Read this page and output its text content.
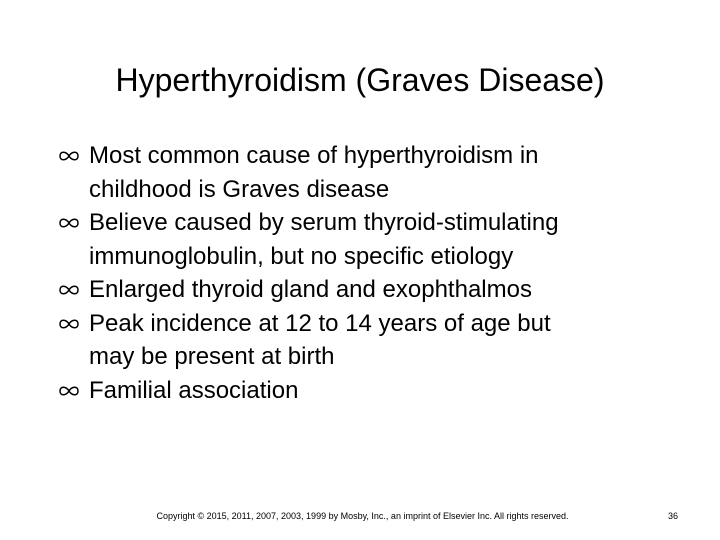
Hyperthyroidism (Graves Disease)
Most common cause of hyperthyroidism in
childhood is Graves disease
Believe caused by serum thyroid-stimulating
immunoglobulin, but no specific etiology
Enlarged thyroid gland and exophthalmos
Peak incidence at 12 to 14 years of age but
may be present at birth
Familial association
Copyright © 2015, 2011, 2007, 2003, 1999 by Mosby, Inc., an imprint of Elsevier Inc. All rights reserved.	36
